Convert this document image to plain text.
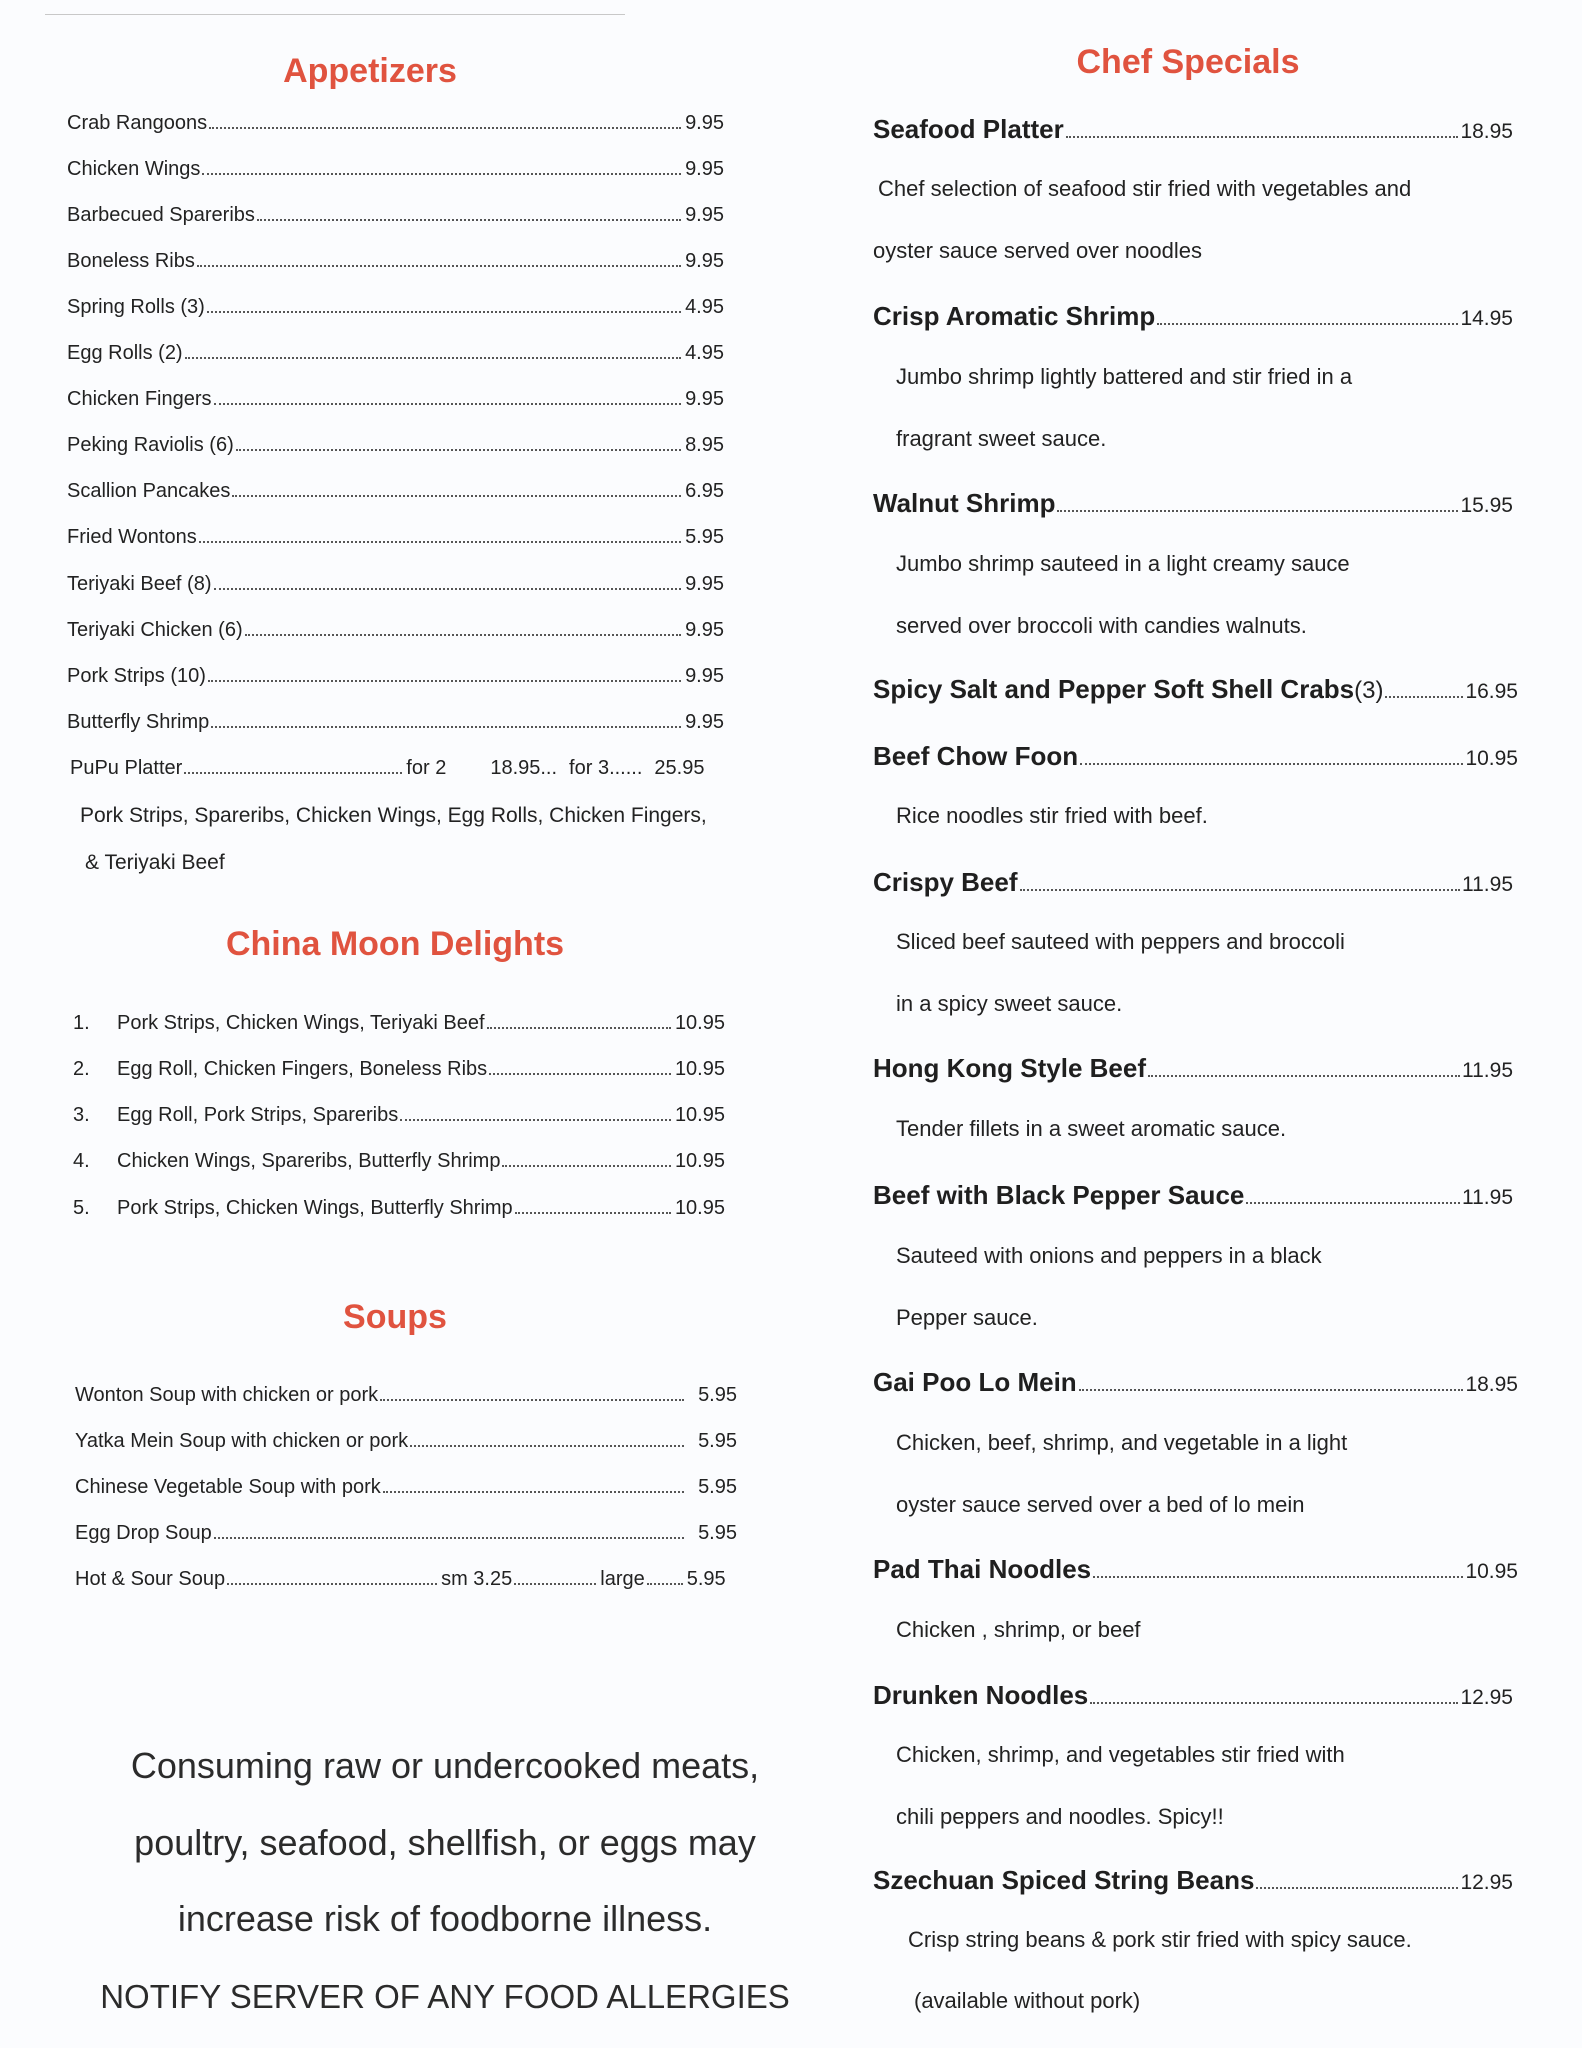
Appetizers
Crab Rangoons	9.95
Chicken Wings	9.95
Barbecued Spareribs	9.95
Boneless Ribs	9.95
Spring Rolls (3)	4.95
Egg Rolls (2)	4.95
Chicken Fingers	9.95
Peking Raviolis (6)	8.95
Scallion Pancakes	6.95
Fried Wontons	5.95
Teriyaki Beef (8)	9.95
Teriyaki Chicken (6)	9.95
Pork Strips (10)	9.95
Butterfly Shrimp	9.95
PuPu Platter	for 2 18.95... for 3...... 25.95
Pork Strips, Spareribs, Chicken Wings, Egg Rolls, Chicken Fingers,
& Teriyaki Beef
China Moon Delights
1.	Pork Strips, Chicken Wings, Teriyaki Beef	10.95
2.	Egg Roll, Chicken Fingers, Boneless Ribs	10.95
3.	Egg Roll, Pork Strips, Spareribs	10.95
4.	Chicken Wings, Spareribs, Butterfly Shrimp	10.95
5.	Pork Strips, Chicken Wings, Butterfly Shrimp	10.95
Soups
Wonton Soup with chicken or pork	5.95
Yatka Mein Soup with chicken or pork	5.95
Chinese Vegetable Soup with pork	5.95
Egg Drop Soup	5.95
Hot & Sour Soup	sm 3.25	large 5.95
Consuming raw or undercooked meats,
poultry, seafood, shellfish, or eggs may
increase risk of foodborne illness.
NOTIFY SERVER OF ANY FOOD ALLERGIES
Chef Specials
Seafood Platter	18.95
Chef selection of seafood stir fried with vegetables and
oyster sauce served over noodles
Crisp Aromatic Shrimp	14.95
Jumbo shrimp lightly battered and stir fried in a
fragrant sweet sauce.
Walnut Shrimp	15.95
Jumbo shrimp sauteed in a light creamy sauce
served over broccoli with candies walnuts.
Spicy Salt and Pepper Soft Shell Crabs (3)	16.95
Beef Chow Foon	10.95
Rice noodles stir fried with beef.
Crispy Beef	11.95
Sliced beef sauteed with peppers and broccoli
in a spicy sweet sauce.
Hong Kong Style Beef	11.95
Tender fillets in a sweet aromatic sauce.
Beef with Black Pepper Sauce	11.95
Sauteed with onions and peppers in a black
Pepper sauce.
Gai Poo Lo Mein	18.95
Chicken, beef, shrimp, and vegetable in a light
oyster sauce served over a bed of lo mein
Pad Thai Noodles	10.95
Chicken , shrimp, or beef
Drunken Noodles	12.95
Chicken, shrimp, and vegetables stir fried with
chili peppers and noodles. Spicy!!
Szechuan Spiced String Beans	12.95
Crisp string beans & pork stir fried with spicy sauce.
(available without pork)
